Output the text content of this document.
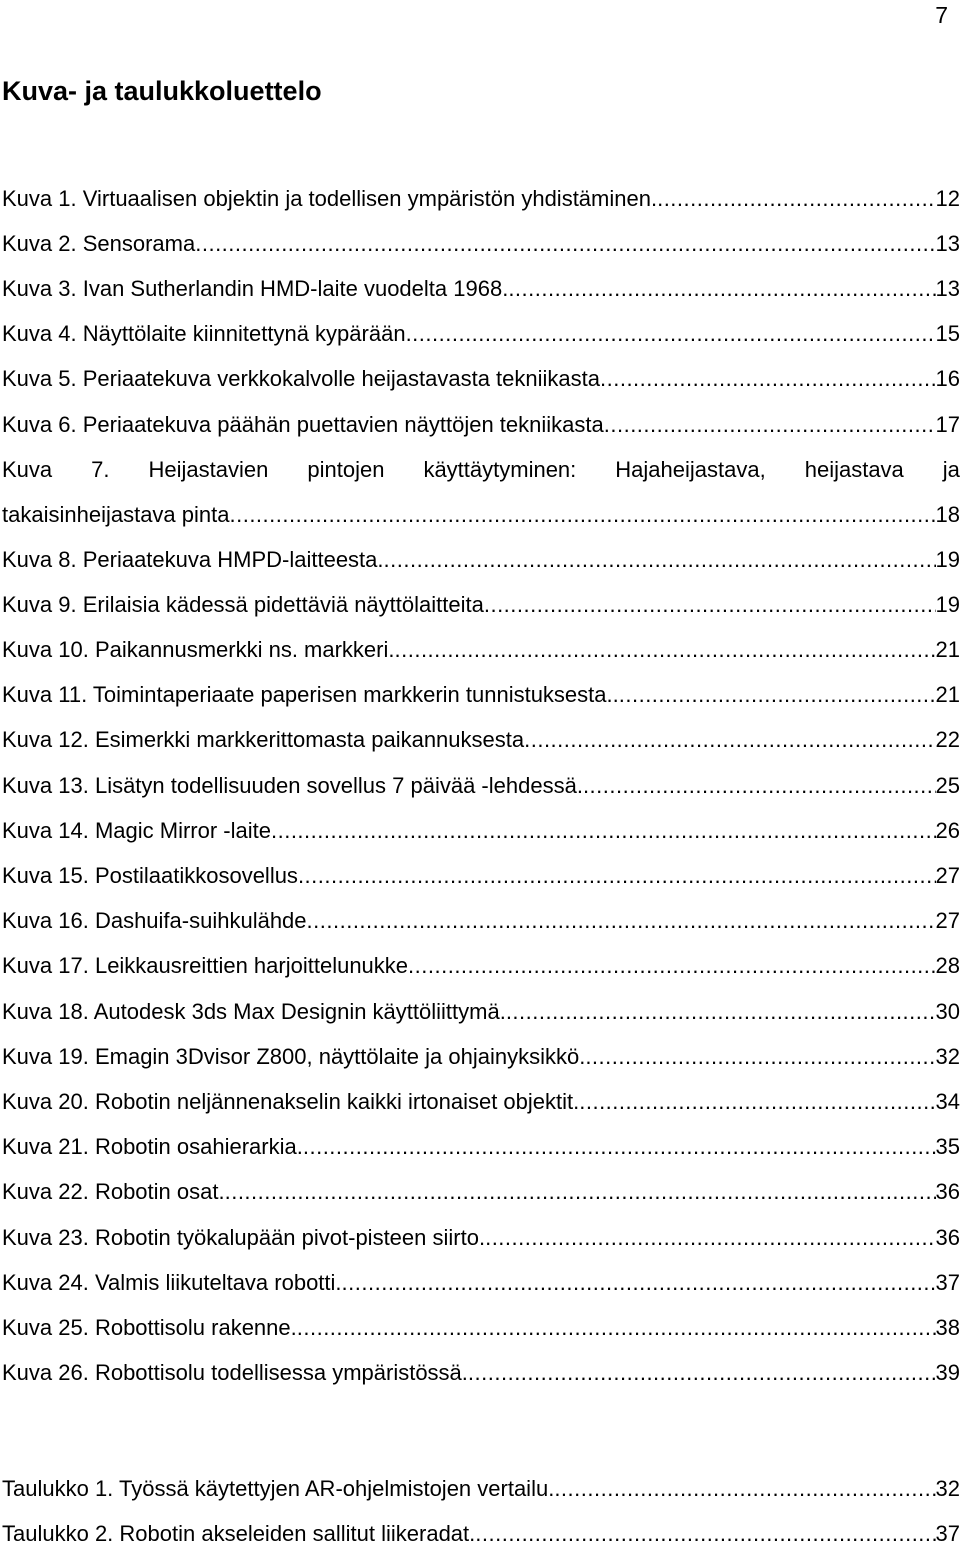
7
Kuva- ja taulukkoluettelo
Kuva 1. Virtuaalisen objektin ja todellisen ympäristön yhdistäminen. .....	12
Kuva 2. Sensorama .....	13
Kuva 3. Ivan Sutherlandin HMD-laite vuodelta 1968. .....	13
Kuva 4. Näyttölaite kiinnitettynä kypärään .....	15
Kuva 5. Periaatekuva verkkokalvolle heijastavasta tekniikasta .....	16
Kuva 6. Periaatekuva päähän puettavien näyttöjen tekniikasta .....	17
Kuva 7. Heijastavien pintojen käyttäytyminen: Hajaheijastava, heijastava ja
takaisinheijastava pinta .....	18
Kuva 8. Periaatekuva HMPD-laitteesta. .....	19
Kuva 9. Erilaisia kädessä pidettäviä näyttölaitteita .....	19
Kuva 10. Paikannusmerkki ns. markkeri. .....	21
Kuva 11. Toimintaperiaate paperisen markkerin tunnistuksesta.. .....	21
Kuva 12. Esimerkki markkerittomasta paikannuksesta .....	22
Kuva 13. Lisätyn todellisuuden sovellus 7 päivää -lehdessä. .....	25
Kuva 14. Magic Mirror -laite .....	26
Kuva 15. Postilaatikkosovellus .....	27
Kuva 16. Dashuifa-suihkulähde .....	27
Kuva 17. Leikkausreittien harjoittelunukke .....	28
Kuva 18. Autodesk 3ds Max Designin käyttöliittymä. .....	30
Kuva 19. Emagin 3Dvisor Z800, näyttölaite ja ohjainyksikkö. .....	32
Kuva 20. Robotin neljännenakselin kaikki irtonaiset objektit. .....	34
Kuva 21. Robotin osahierarkia. .....	35
Kuva 22. Robotin osat. .....	36
Kuva 23. Robotin työkalupään pivot-pisteen siirto. .....	36
Kuva 24. Valmis liikuteltava robotti. .....	37
Kuva 25. Robottisolu rakenne. .....	38
Kuva 26. Robottisolu todellisessa ympäristössä. .....	39
Taulukko 1. Työssä käytettyjen AR-ohjelmistojen vertailu. .....	32
Taulukko 2. Robotin akseleiden sallitut liikeradat. .....	37
